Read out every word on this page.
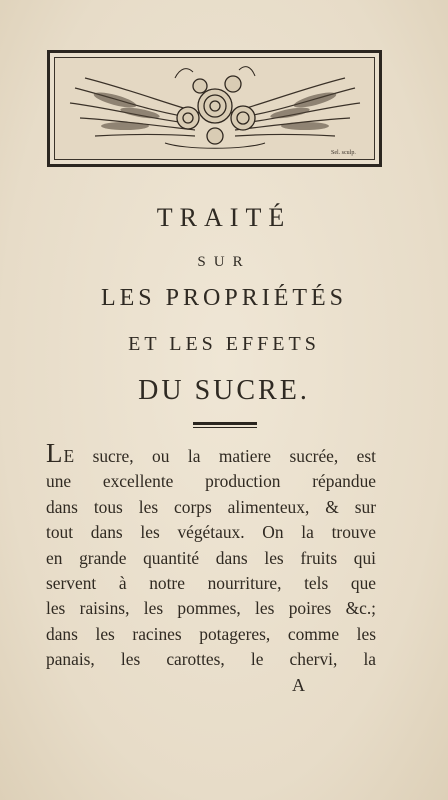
Sel. sculp.
TRAITÉ
SUR
LES PROPRIÉTÉS
ET LES EFFETS
DU SUCRE.
LE sucre, ou la matiere sucrée, est
une excellente production répandue
dans tous les corps alimenteux, & sur
tout dans les végétaux. On la trouve
en grande quantité dans les fruits qui
servent à notre nourriture, tels que
les raisins, les pommes, les poires &c.;
dans les racines potageres, comme les
panais, les carottes, le chervi, la
A
